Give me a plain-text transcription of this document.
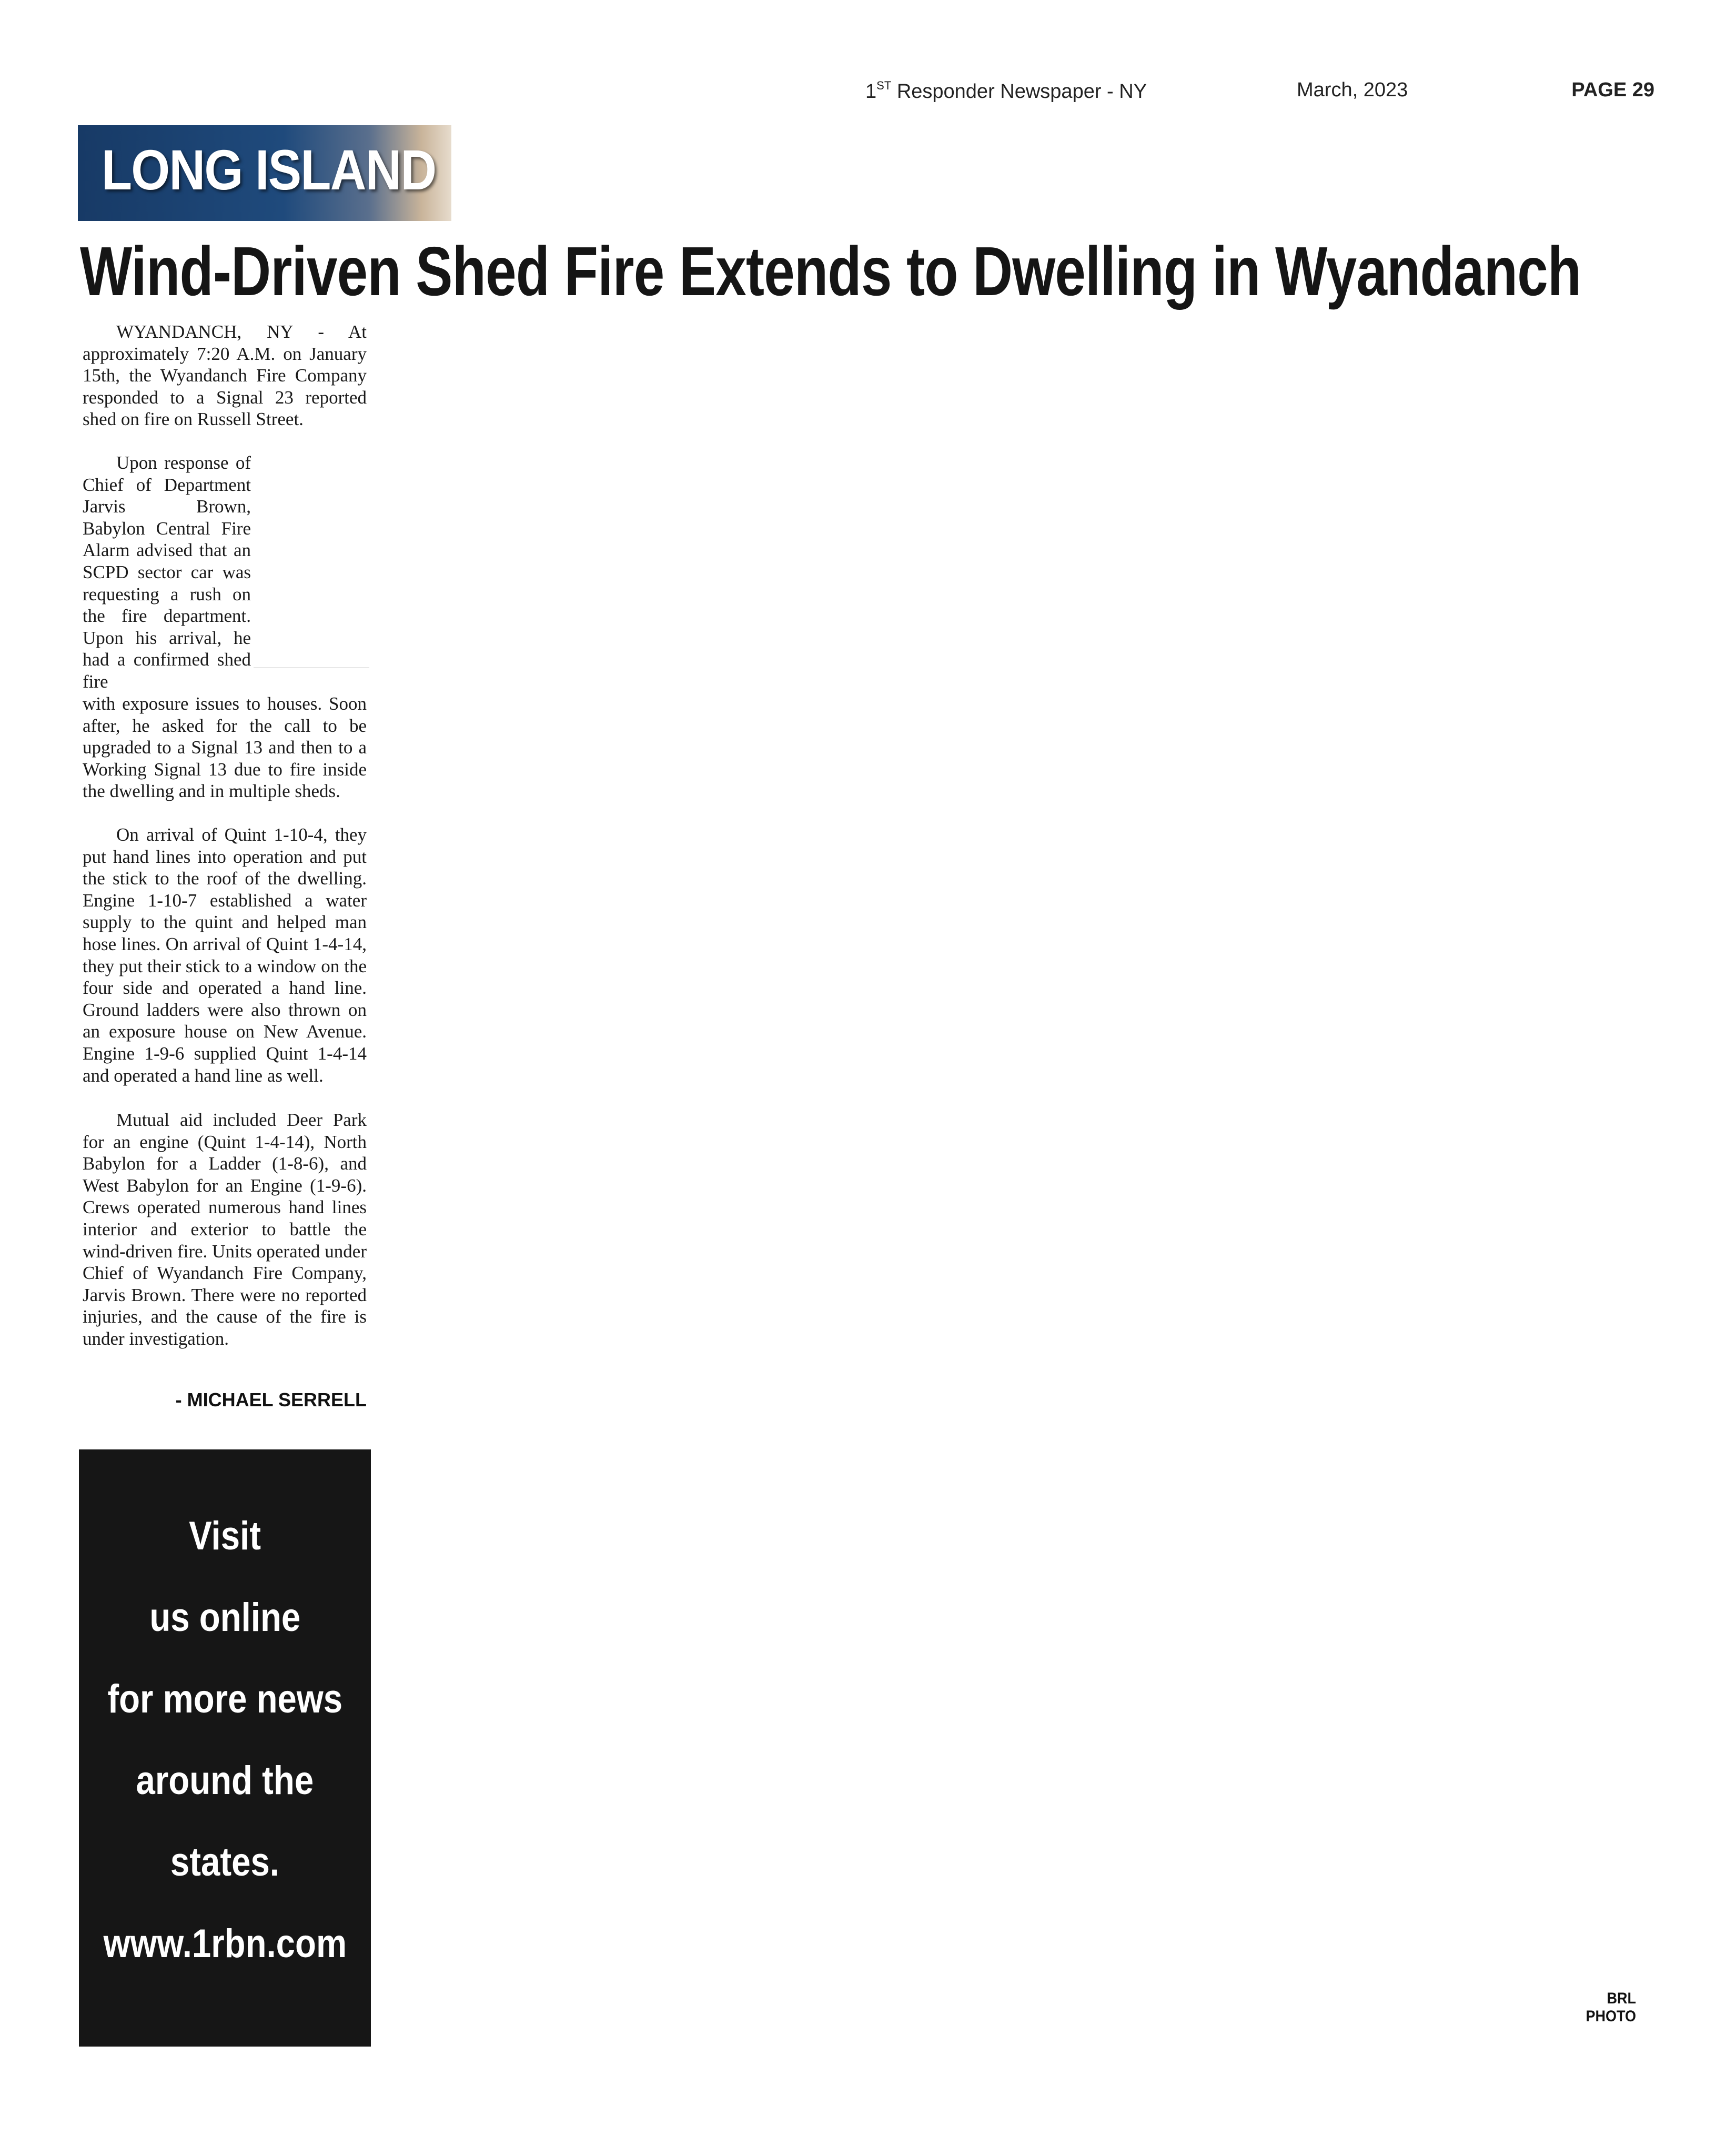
1ST Responder Newspaper - NY	March, 2023	PAGE 29
LONG ISLAND
Wind-Driven Shed Fire Extends to Dwelling in Wyandanch

WYANDANCH, NY - At approximately 7:20 A.M. on January 15th, the Wyandanch Fire Company responded to a Signal 23 reported shed on fire on Russell Street.

Upon response of Chief of Department Jarvis Brown, Babylon Central Fire Alarm advised that an SCPD sector car was requesting a rush on the fire department. Upon his arrival, he had a confirmed shed fire

with exposure issues to houses. Soon after, he asked for the call to be upgraded to a Signal 13 and then to a Working Signal 13 due to fire inside the dwelling and in multiple sheds.

On arrival of Quint 1-10-4, they put hand lines into operation and put the stick to the roof of the dwelling. Engine 1-10-7 established a water supply to the quint and helped man hose lines. On arrival of Quint 1-4-14, they put their stick to a window on the four side and operated a hand line. Ground ladders were also thrown on an exposure house on New Avenue. Engine 1-9-6 supplied Quint 1-4-14 and operated a hand line as well.

Mutual aid included Deer Park for an engine (Quint 1-4-14), North Babylon for a Ladder (1-8-6), and West Babylon for an Engine (1-9-6). Crews operated numerous hand lines interior and exterior to battle the wind-driven fire. Units operated under Chief of Wyandanch Fire Company, Jarvis Brown. There were no reported injuries, and the cause of the fire is under investigation.

- MICHAEL SERRELL
Visit
us online
for more news
around the
states.
www.1rbn.com
BRL PHOTO
